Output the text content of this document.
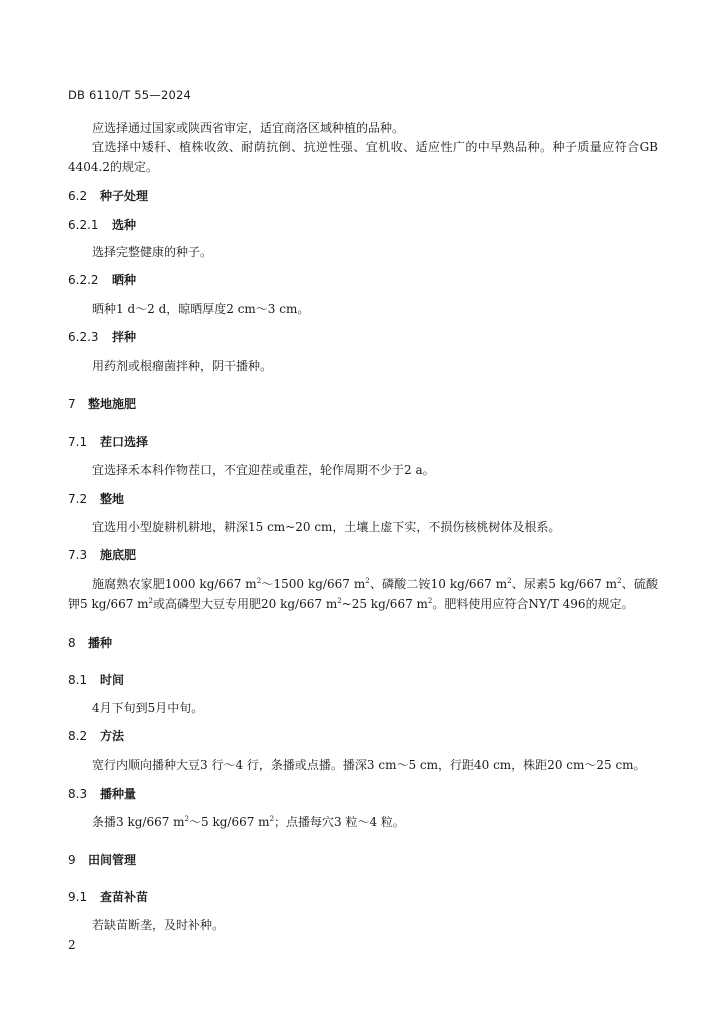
DB 6110/T 55—2024
应选择通过国家或陕西省审定，适宜商洛区域种植的品种。
宜选择中矮秆、植株收敛、耐荫抗倒、抗逆性强、宜机收、适应性广的中早熟品种。种子质量应符合GB 4404.2的规定。
6.2 种子处理
6.2.1 选种
选择完整健康的种子。
6.2.2 晒种
晒种1 d～2 d，晾晒厚度2 cm～3 cm。
6.2.3 拌种
用药剂或根瘤菌拌种，阴干播种。
7 整地施肥
7.1 茬口选择
宜选择禾本科作物茬口，不宜迎茬或重茬，轮作周期不少于2 a。
7.2 整地
宜选用小型旋耕机耕地，耕深15 cm~20 cm，土壤上虚下实，不损伤核桃树体及根系。
7.3 施底肥
施腐熟农家肥1000 kg/667 $m^2\sim 1500$ kg/667 $m^2$、磷酸二铵10 kg/667 $m^2$、尿素5 kg/667 $m^2$、硫酸钾5 kg/667 $m^2$或高磷型大豆专用肥20 kg/667 $m^2\sim 25$ kg/667 $m^2$。肥料使用应符合NY/T 496的规定。
8 播种
8.1 时间
4月下旬到5月中旬。
8.2 方法
宽行内顺向播种大豆3 行～4 行，条播或点播。播深3 cm～5 cm，行距40 cm，株距20 cm～25 cm。
8.3 播种量
条播3 kg/667 $m^2\sim 5$ kg/667 $m^2$；点播每穴3 粒～4 粒。
9 田间管理
9.1 查苗补苗
若缺苗断垄，及时补种。
2
